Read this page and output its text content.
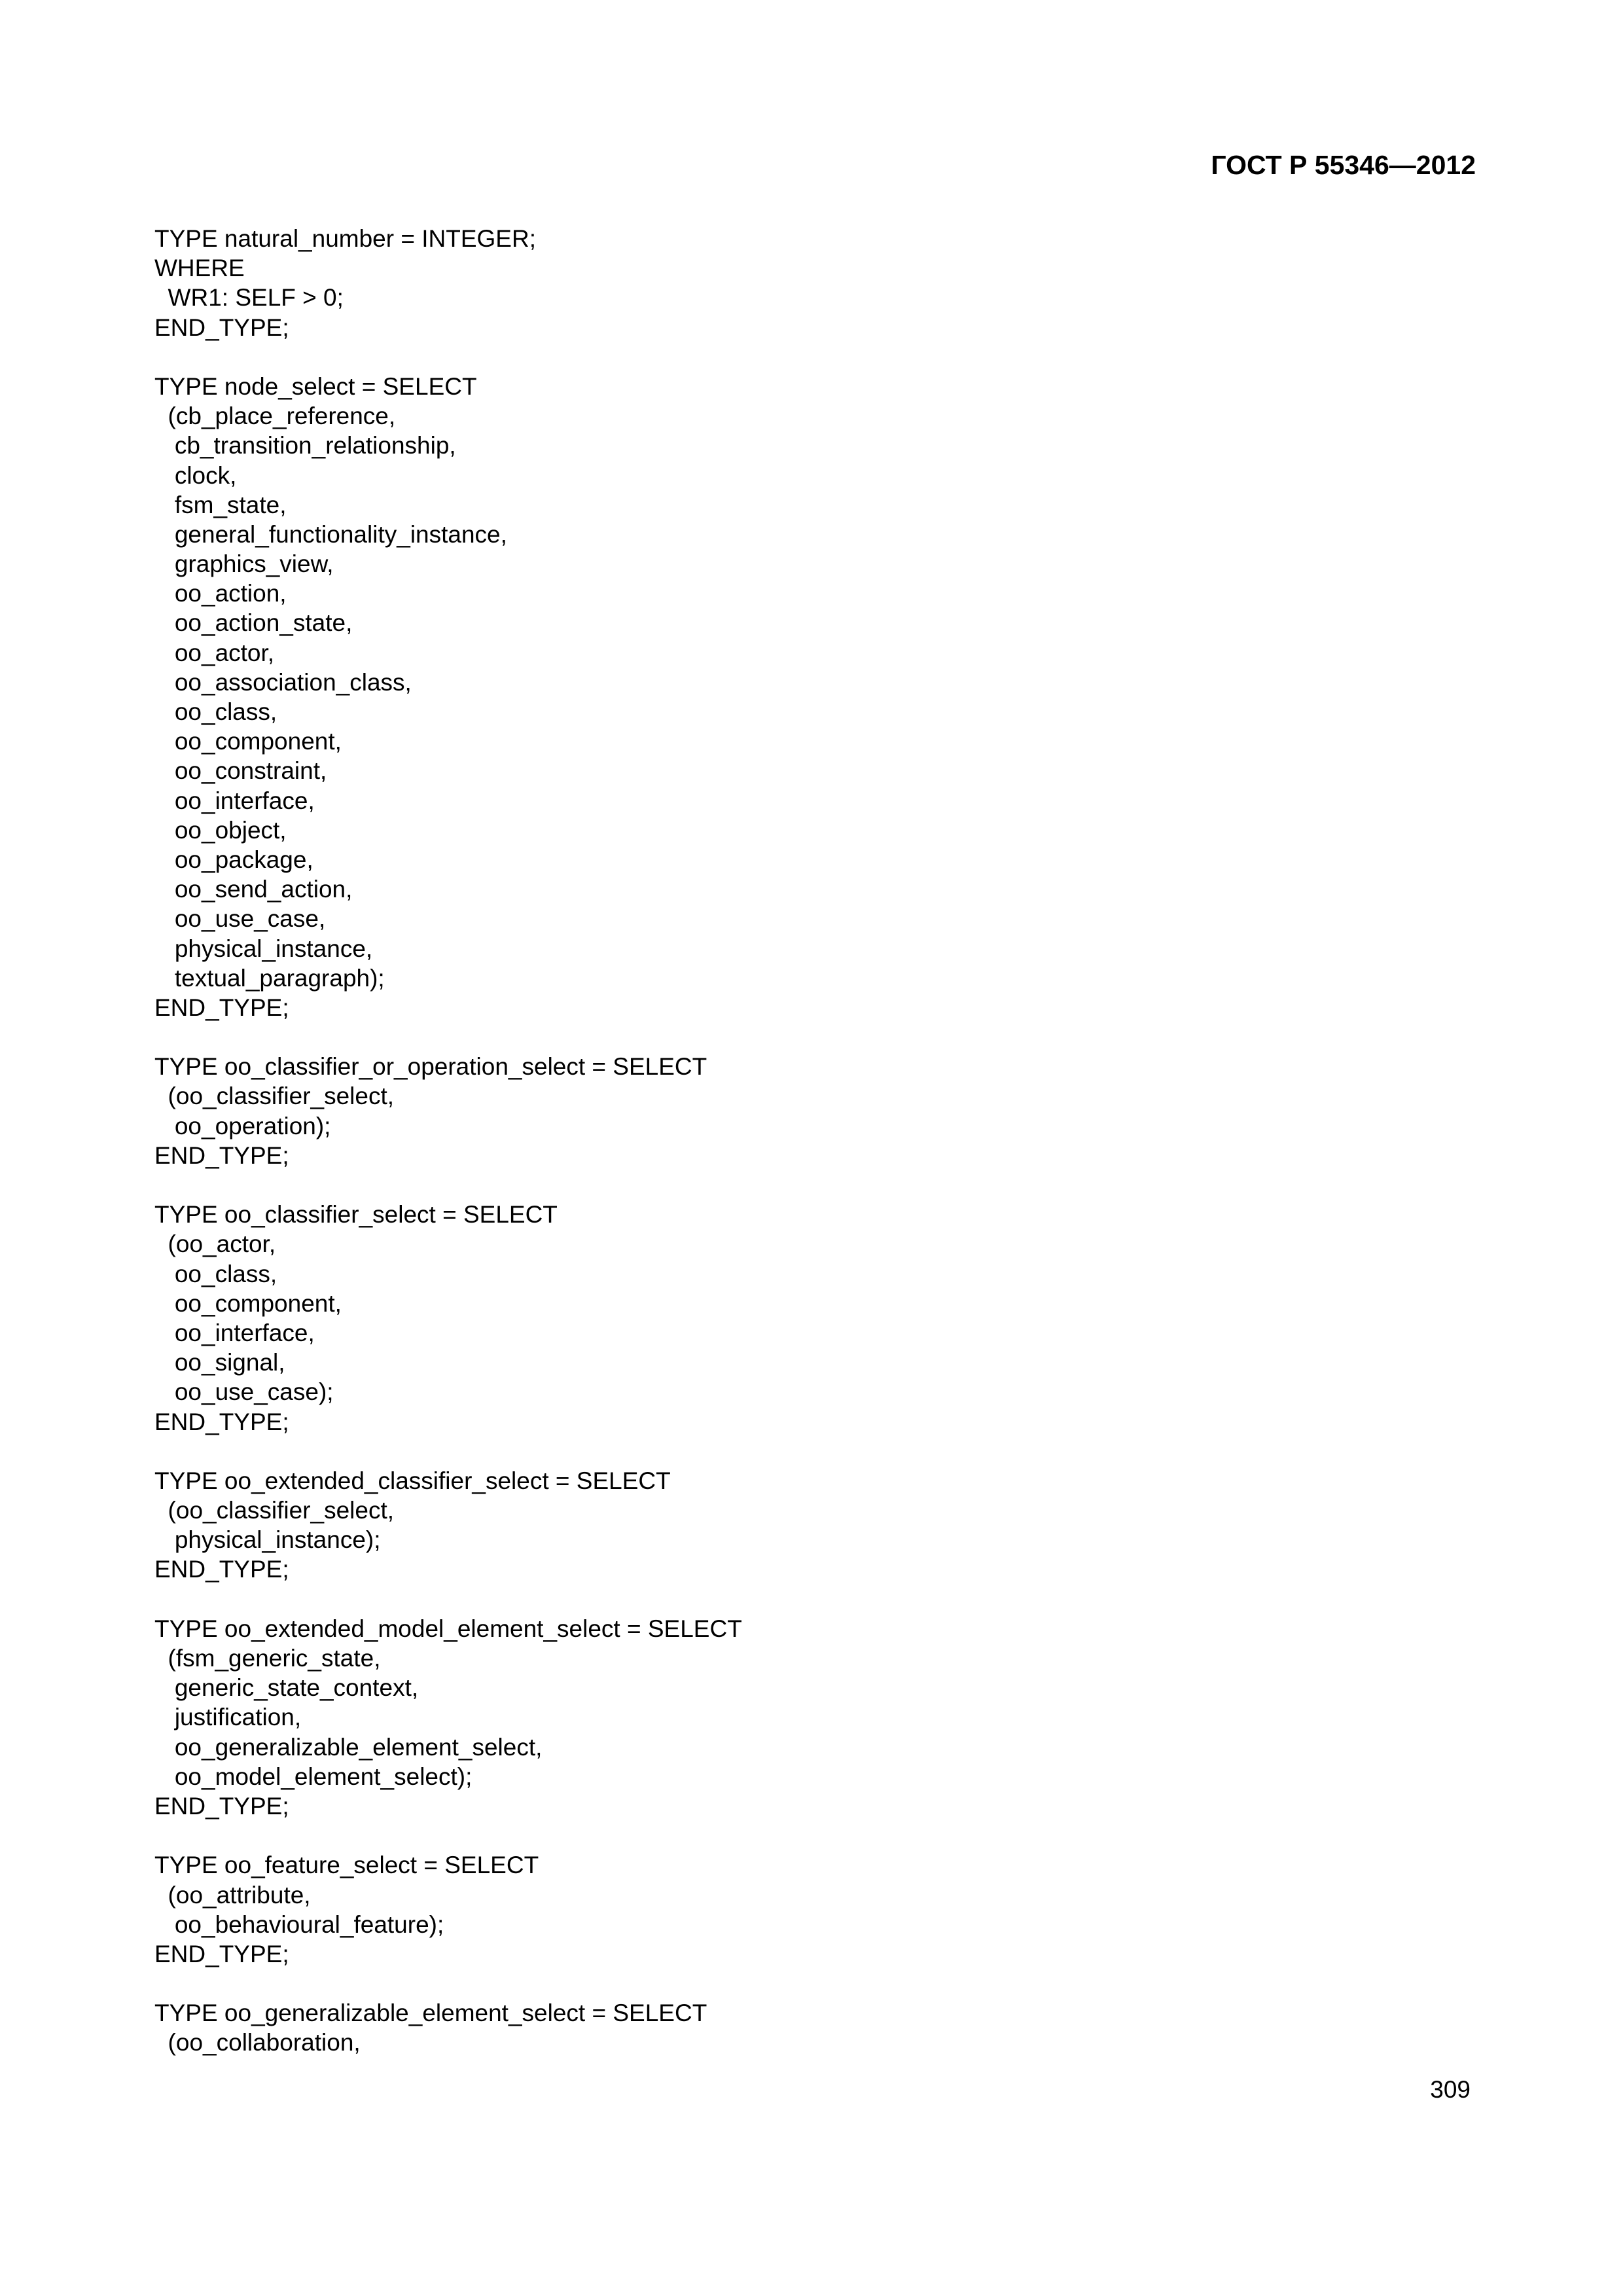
ГОСТ Р 55346—2012
TYPE natural_number = INTEGER;
WHERE
WR1: SELF > 0;
END_TYPE;
TYPE node_select = SELECT
(cb_place_reference,
cb_transition_relationship,
clock,
fsm_state,
general_functionality_instance,
graphics_view,
oo_action,
oo_action_state,
oo_actor,
oo_association_class,
oo_class,
oo_component,
oo_constraint,
oo_interface,
oo_object,
oo_package,
oo_send_action,
oo_use_case,
physical_instance,
textual_paragraph);
END_TYPE;
TYPE oo_classifier_or_operation_select = SELECT
(oo_classifier_select,
oo_operation);
END_TYPE;
TYPE oo_classifier_select = SELECT
(oo_actor,
oo_class,
oo_component,
oo_interface,
oo_signal,
oo_use_case);
END_TYPE;
TYPE oo_extended_classifier_select = SELECT
(oo_classifier_select,
physical_instance);
END_TYPE;
TYPE oo_extended_model_element_select = SELECT
(fsm_generic_state,
generic_state_context,
justification,
oo_generalizable_element_select,
oo_model_element_select);
END_TYPE;
TYPE oo_feature_select = SELECT
(oo_attribute,
oo_behavioural_feature);
END_TYPE;
TYPE oo_generalizable_element_select = SELECT
(oo_collaboration,
309
